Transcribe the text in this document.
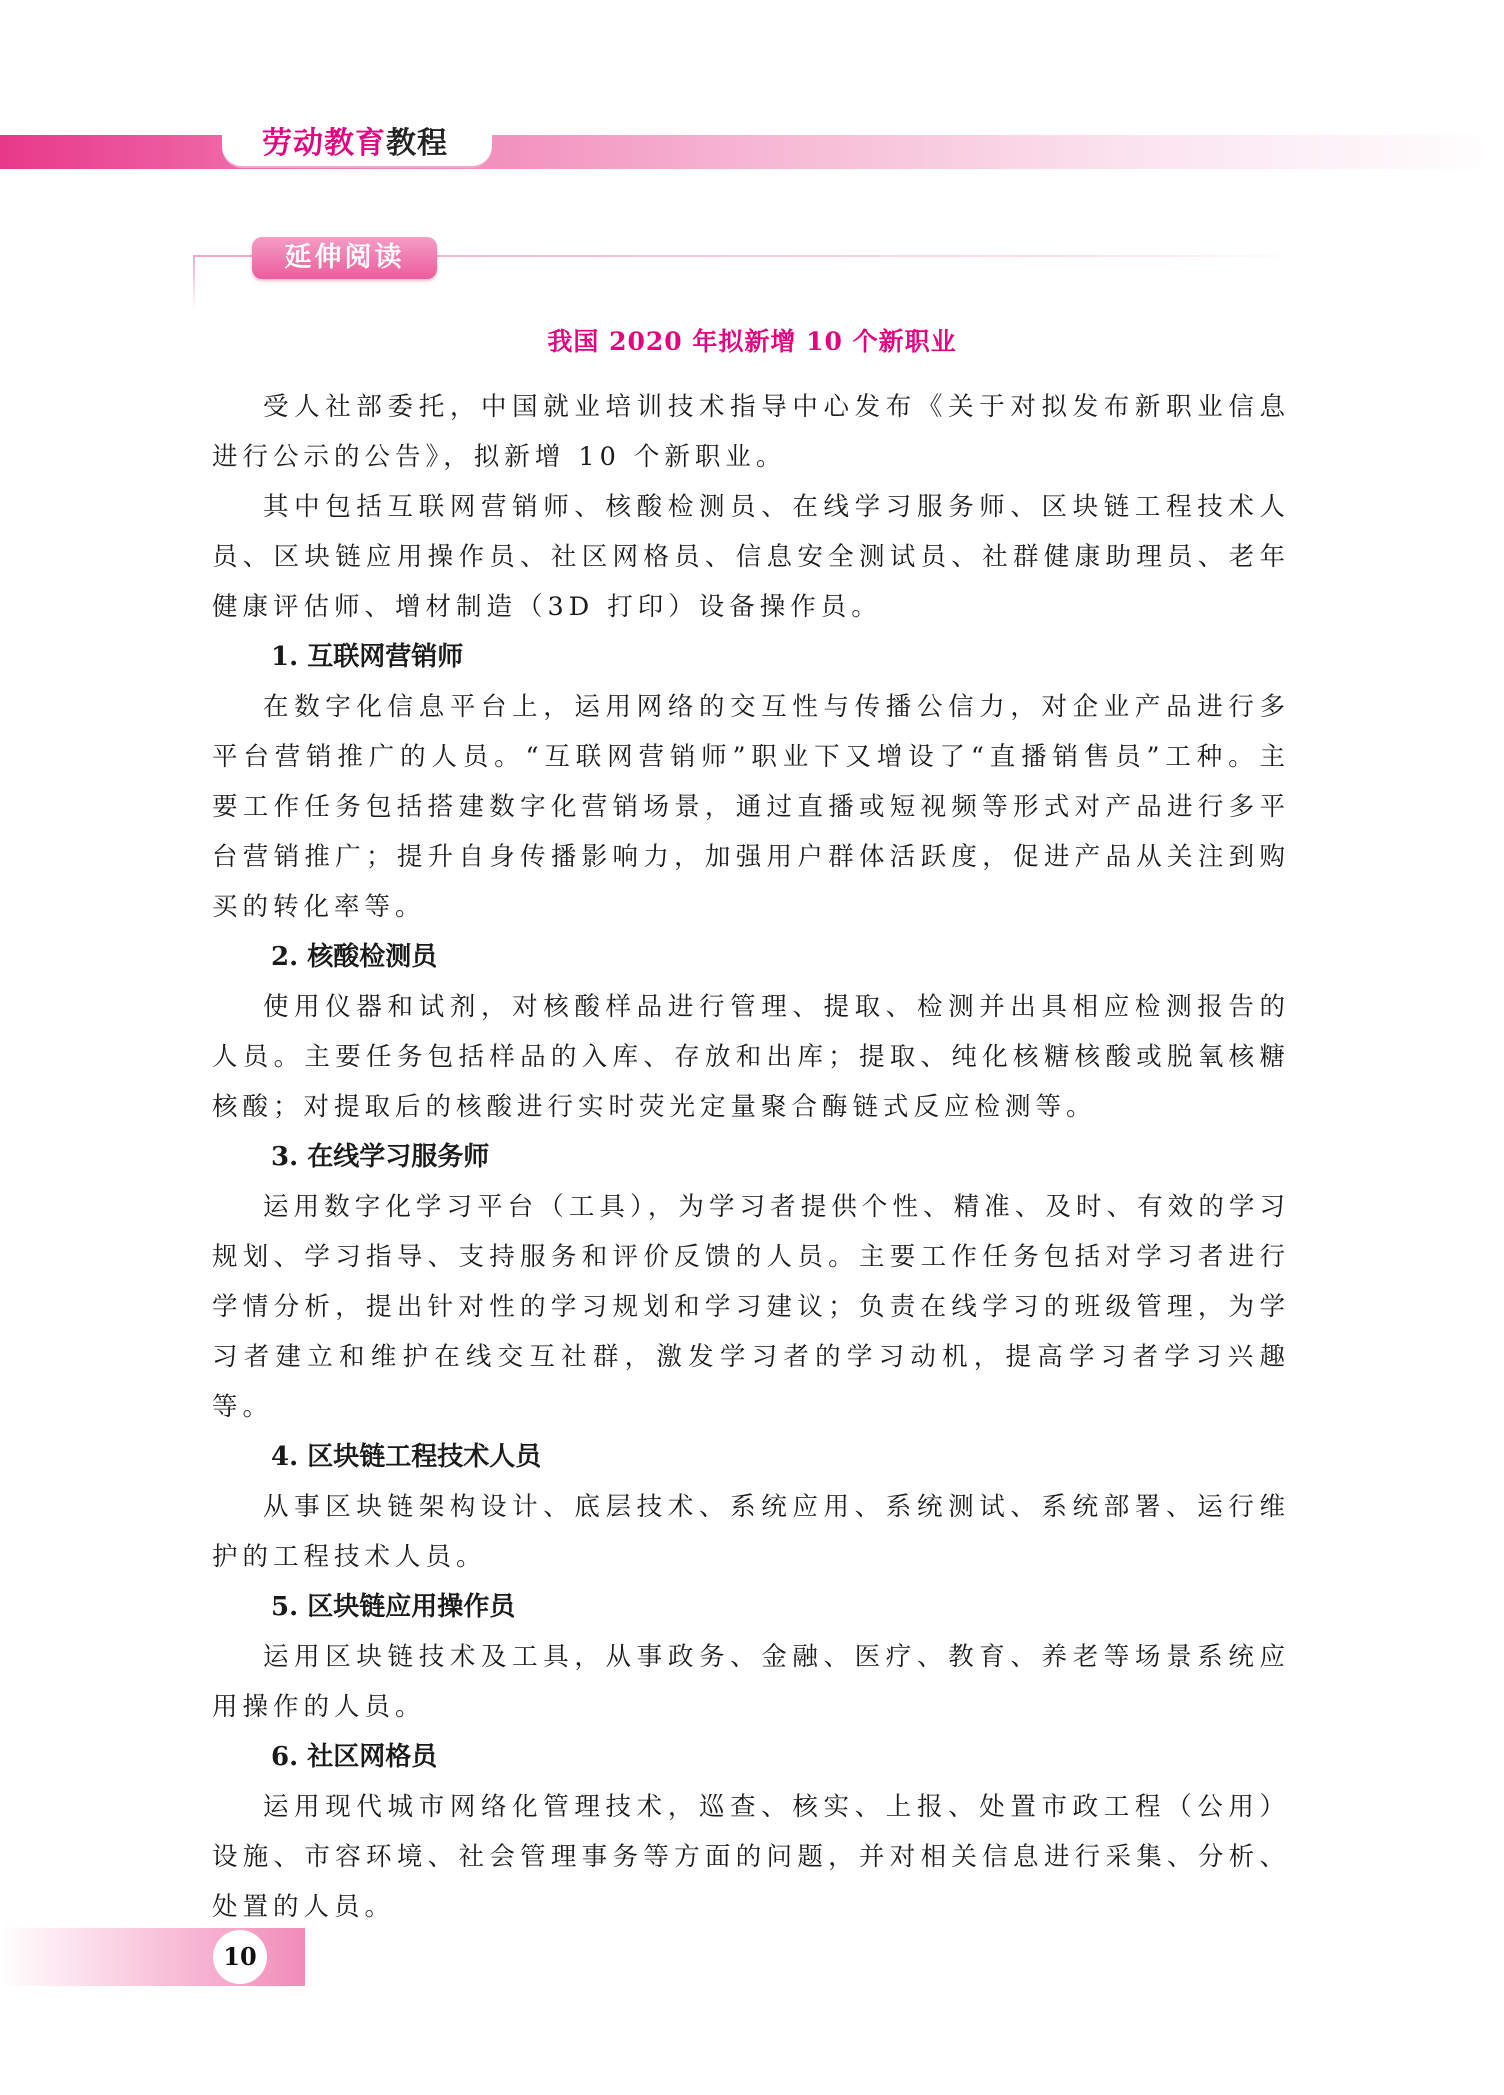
劳动教育教程
延伸阅读
我国 2020 年拟新增 10 个新职业

受人社部委托，中国就业培训技术指导中心发布《关于对拟发布新职业信息进行公示的公告》，拟新增 10 个新职业。

其中包括互联网营销师、核酸检测员、在线学习服务师、区块链工程技术人员、区块链应用操作员、社区网格员、信息安全测试员、社群健康助理员、老年健康评估师、增材制造（3D 打印）设备操作员。

1. 互联网营销师

在数字化信息平台上，运用网络的交互性与传播公信力，对企业产品进行多平台营销推广的人员。“互联网营销师”职业下又增设了“直播销售员”工种。主要工作任务包括搭建数字化营销场景，通过直播或短视频等形式对产品进行多平台营销推广；提升自身传播影响力，加强用户群体活跃度，促进产品从关注到购买的转化率等。

2. 核酸检测员

使用仪器和试剂，对核酸样品进行管理、提取、检测并出具相应检测报告的人员。主要任务包括样品的入库、存放和出库；提取、纯化核糖核酸或脱氧核糖核酸；对提取后的核酸进行实时荧光定量聚合酶链式反应检测等。

3. 在线学习服务师

运用数字化学习平台（工具），为学习者提供个性、精准、及时、有效的学习规划、学习指导、支持服务和评价反馈的人员。主要工作任务包括对学习者进行学情分析，提出针对性的学习规划和学习建议；负责在线学习的班级管理，为学习者建立和维护在线交互社群，激发学习者的学习动机，提高学习者学习兴趣等。

4. 区块链工程技术人员

从事区块链架构设计、底层技术、系统应用、系统测试、系统部署、运行维护的工程技术人员。

5. 区块链应用操作员

运用区块链技术及工具，从事政务、金融、医疗、教育、养老等场景系统应用操作的人员。

6. 社区网格员

运用现代城市网络化管理技术，巡查、核实、上报、处置市政工程（公用）设施、市容环境、社会管理事务等方面的问题，并对相关信息进行采集、分析、处置的人员。

10
